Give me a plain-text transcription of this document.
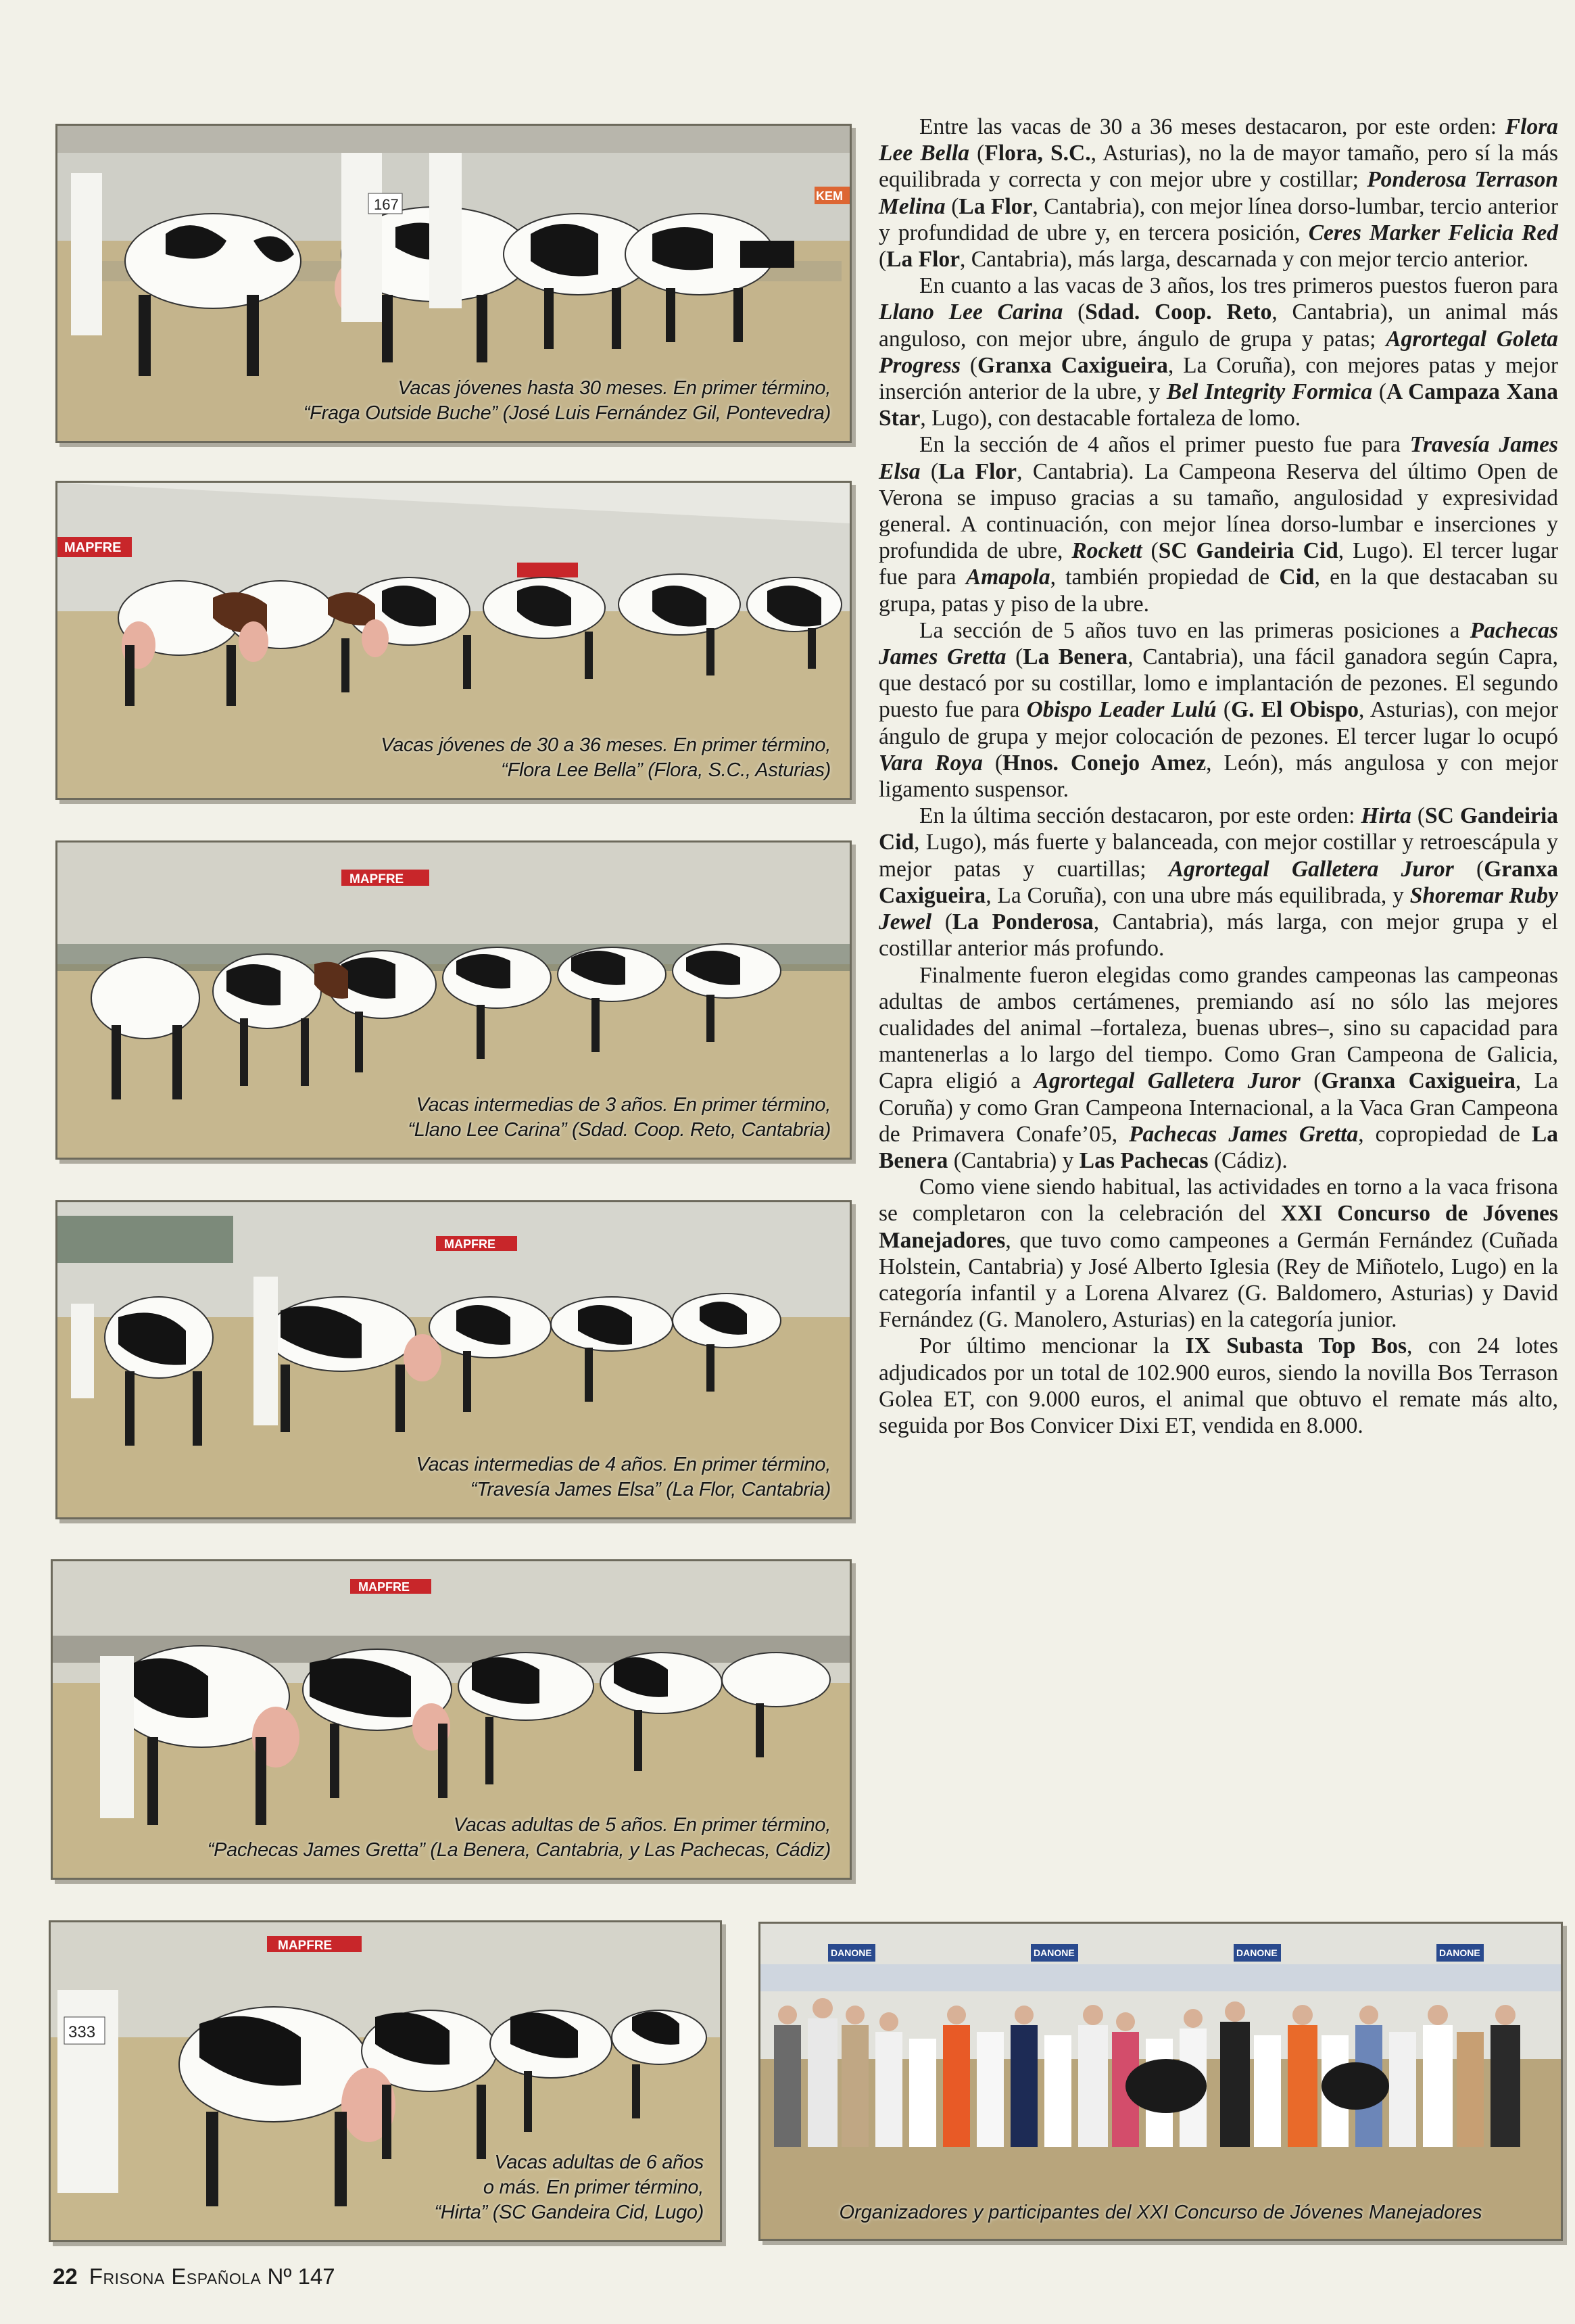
167	KEM
Vacas jóvenes hasta 30 meses. En primer término,
“Fraga Outside Buche” (José Luis Fernández Gil, Pontevedra)
MAPFRE
Vacas jóvenes de 30 a 36 meses. En primer término,
“Flora Lee Bella” (Flora, S.C., Asturias)
MAPFRE
Vacas intermedias de 3 años. En primer término,
“Llano Lee Carina” (Sdad. Coop. Reto, Cantabria)
MAPFRE
Vacas intermedias de 4 años. En primer término,
“Travesía James Elsa” (La Flor, Cantabria)
MAPFRE
Vacas adultas de 5 años. En primer término,
“Pachecas James Gretta” (La Benera, Cantabria, y Las Pachecas, Cádiz)
MAPFRE
333
Vacas adultas de 6 años
o más. En primer término,
“Hirta” (SC Gandeira Cid, Lugo)
DANONE	DANONE	DANONE	DANONE
Organizadores y participantes del XXI Concurso de Jóvenes Manejadores

Entre las vacas de 30 a 36 meses destacaron, por este orden: Flora Lee Bella (Flora, S.C., Asturias), no la de mayor tamaño, pero sí la más equilibrada y correcta y con mejor ubre y costillar; Ponderosa Terrason Melina (La Flor, Cantabria), con mejor línea dorso-lumbar, tercio anterior y profundidad de ubre y, en tercera posición, Ceres Marker Felicia Red (La Flor, Cantabria), más larga, descarnada y con mejor tercio anterior.

En cuanto a las vacas de 3 años, los tres primeros puestos fueron para Llano Lee Carina (Sdad. Coop. Reto, Cantabria), un animal más anguloso, con mejor ubre, ángulo de grupa y patas; Agrortegal Goleta Progress (Granxa Caxigueira, La Coruña), con mejores patas y mejor inserción anterior de la ubre, y Bel Integrity Formica (A Campaza Xana Star, Lugo), con destacable fortaleza de lomo.

En la sección de 4 años el primer puesto fue para Travesía James Elsa (La Flor, Cantabria). La Campeona Reserva del último Open de Verona se impuso gracias a su tamaño, angulosidad y expresividad general. A continuación, con mejor línea dorso-lumbar e inserciones y profundida de ubre, Rockett (SC Gandeiria Cid, Lugo). El tercer lugar fue para Amapola, también propiedad de Cid, en la que destacaban su grupa, patas y piso de la ubre.

La sección de 5 años tuvo en las primeras posiciones a Pachecas James Gretta (La Benera, Cantabria), una fácil ganadora según Capra, que destacó por su costillar, lomo e implantación de pezones. El segundo puesto fue para Obispo Leader Lulú (G. El Obispo, Asturias), con mejor ángulo de grupa y mejor colocación de pezones. El tercer lugar lo ocupó Vara Roya (Hnos. Conejo Amez, León), más angulosa y con mejor ligamento suspensor.

En la última sección destacaron, por este orden: Hirta (SC Gandeiria Cid, Lugo), más fuerte y balanceada, con mejor costillar y retroescápula y mejor patas y cuartillas; Agrortegal Galletera Juror (Granxa Caxigueira, La Coruña), con una ubre más equilibrada, y Shoremar Ruby Jewel (La Ponderosa, Cantabria), más larga, con mejor grupa y el costillar anterior más profundo.

Finalmente fueron elegidas como grandes campeonas las campeonas adultas de ambos certámenes, premiando así no sólo las mejores cualidades del animal –fortaleza, buenas ubres–, sino su capacidad para mantenerlas a lo largo del tiempo. Como Gran Campeona de Galicia, Capra eligió a Agrortegal Galletera Juror (Granxa Caxigueira, La Coruña) y como Gran Campeona Internacional, a la Vaca Gran Campeona de Primavera Conafe’05, Pachecas James Gretta, copropiedad de La Benera (Cantabria) y Las Pachecas (Cádiz).

Como viene siendo habitual, las actividades en torno a la vaca frisona se completaron con la celebración del XXI Concurso de Jóvenes Manejadores, que tuvo como campeones a Germán Fernández (Cuñada Holstein, Cantabria) y José Alberto Iglesia (Rey de Miñotelo, Lugo) en la categoría infantil y a Lorena Alvarez (G. Baldomero, Asturias) y David Fernández (G. Manolero, Asturias) en la categoría junior.

Por último mencionar la IX Subasta Top Bos, con 24 lotes adjudicados por un total de 102.900 euros, siendo la novilla Bos Terrason Golea ET, con 9.000 euros, el animal que obtuvo el remate más alto, seguida por Bos Convicer Dixi ET, vendida en 8.000.

22 Frisona Española Nº 147
